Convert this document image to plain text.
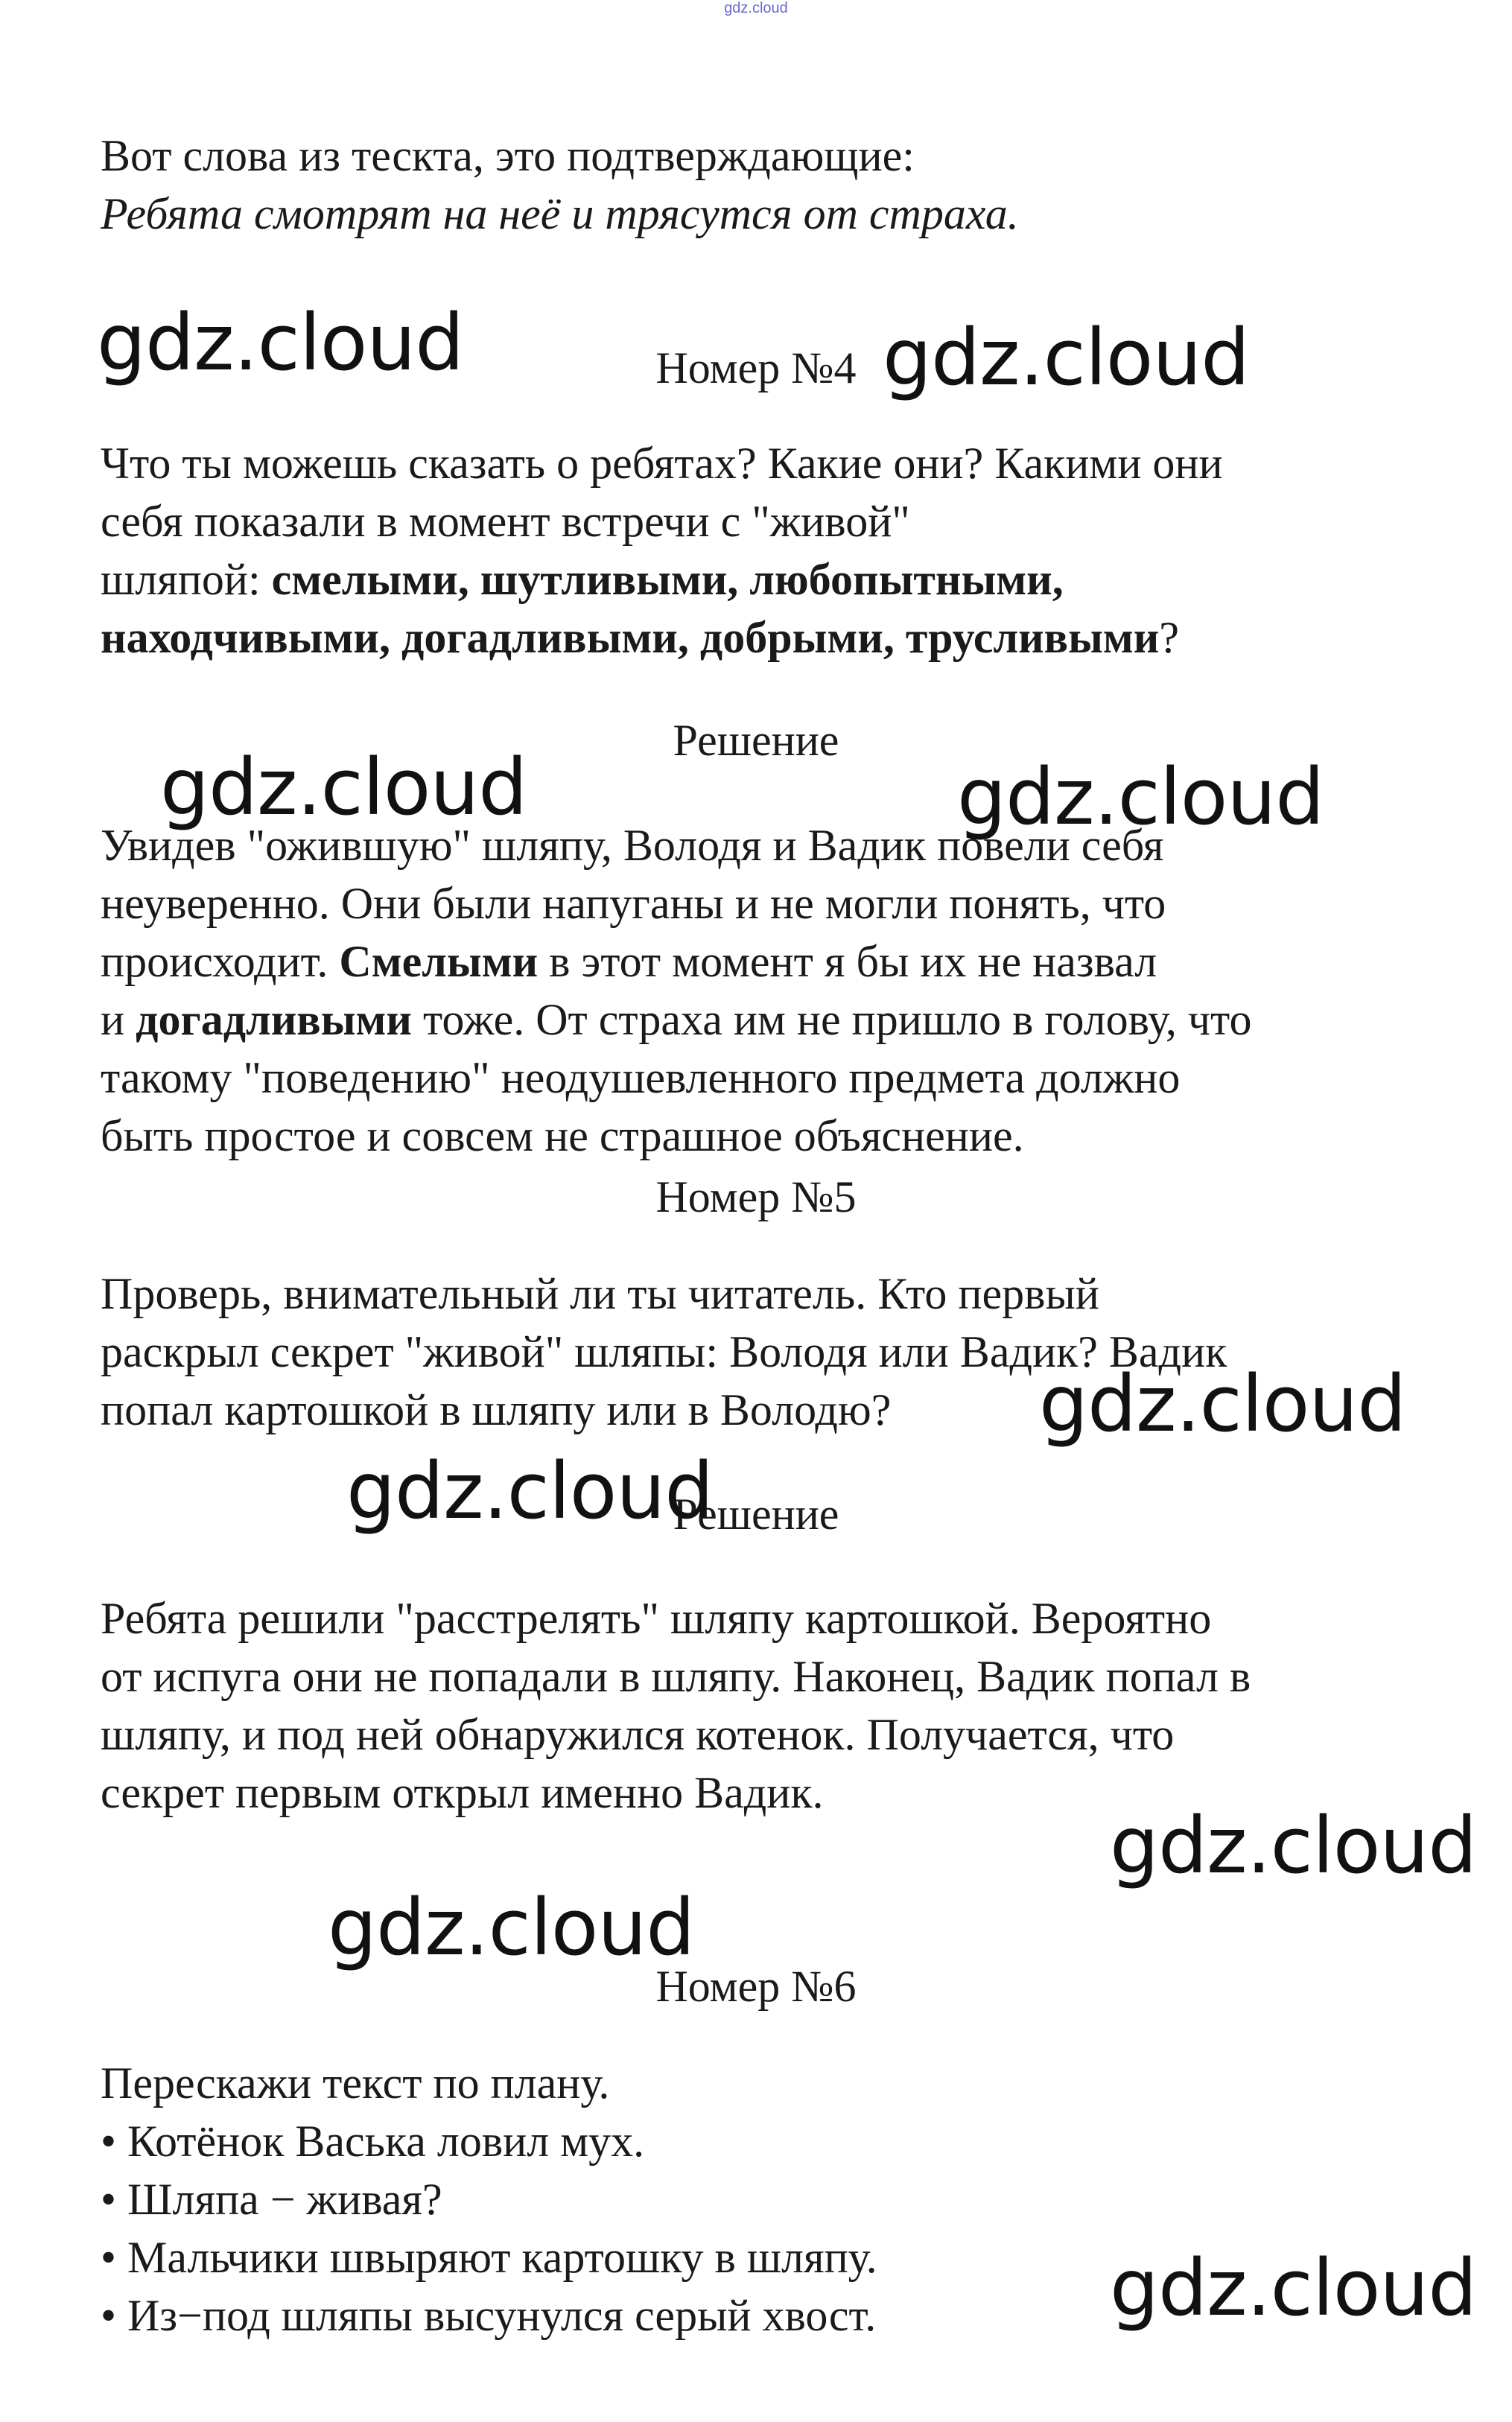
gdz.cloud
Вот слова из тескта, это подтверждающие:
Ребята смотрят на неё и трясутся от страха.
Номер №4
Что ты можешь сказать о ребятах? Какие они? Какими они
себя показали в момент встречи с "живой"
шляпой: смелыми, шутливыми, любопытными,
находчивыми, догадливыми, добрыми, трусливыми?
Решение
Увидев "ожившую" шляпу, Володя и Вадик повели себя
неуверенно. Они были напуганы и не могли понять, что
происходит. Смелыми в этот момент я бы их не назвал
и догадливыми тоже. От страха им не пришло в голову, что
такому "поведению" неодушевленного предмета должно
быть простое и совсем не страшное объяснение.
Номер №5
Проверь, внимательный ли ты читатель. Кто первый
раскрыл секрет "живой" шляпы: Володя или Вадик? Вадик
попал картошкой в шляпу или в Володю?
Решение
Ребята решили "расстрелять" шляпу картошкой. Вероятно
от испуга они не попадали в шляпу. Наконец, Вадик попал в
шляпу, и под ней обнаружился котенок. Получается, что
секрет первым открыл именно Вадик.
Номер №6
Перескажи текст по плану.
• Котёнок Васька ловил мух.
• Шляпа − живая?
• Мальчики швыряют картошку в шляпу.
• Из−под шляпы высунулся серый хвост.
gdz.cloud	gdz.cloud
gdz.cloud	gdz.cloud
gdz.cloud
gdz.cloud
gdz.cloud
gdz.cloud
gdz.cloud
